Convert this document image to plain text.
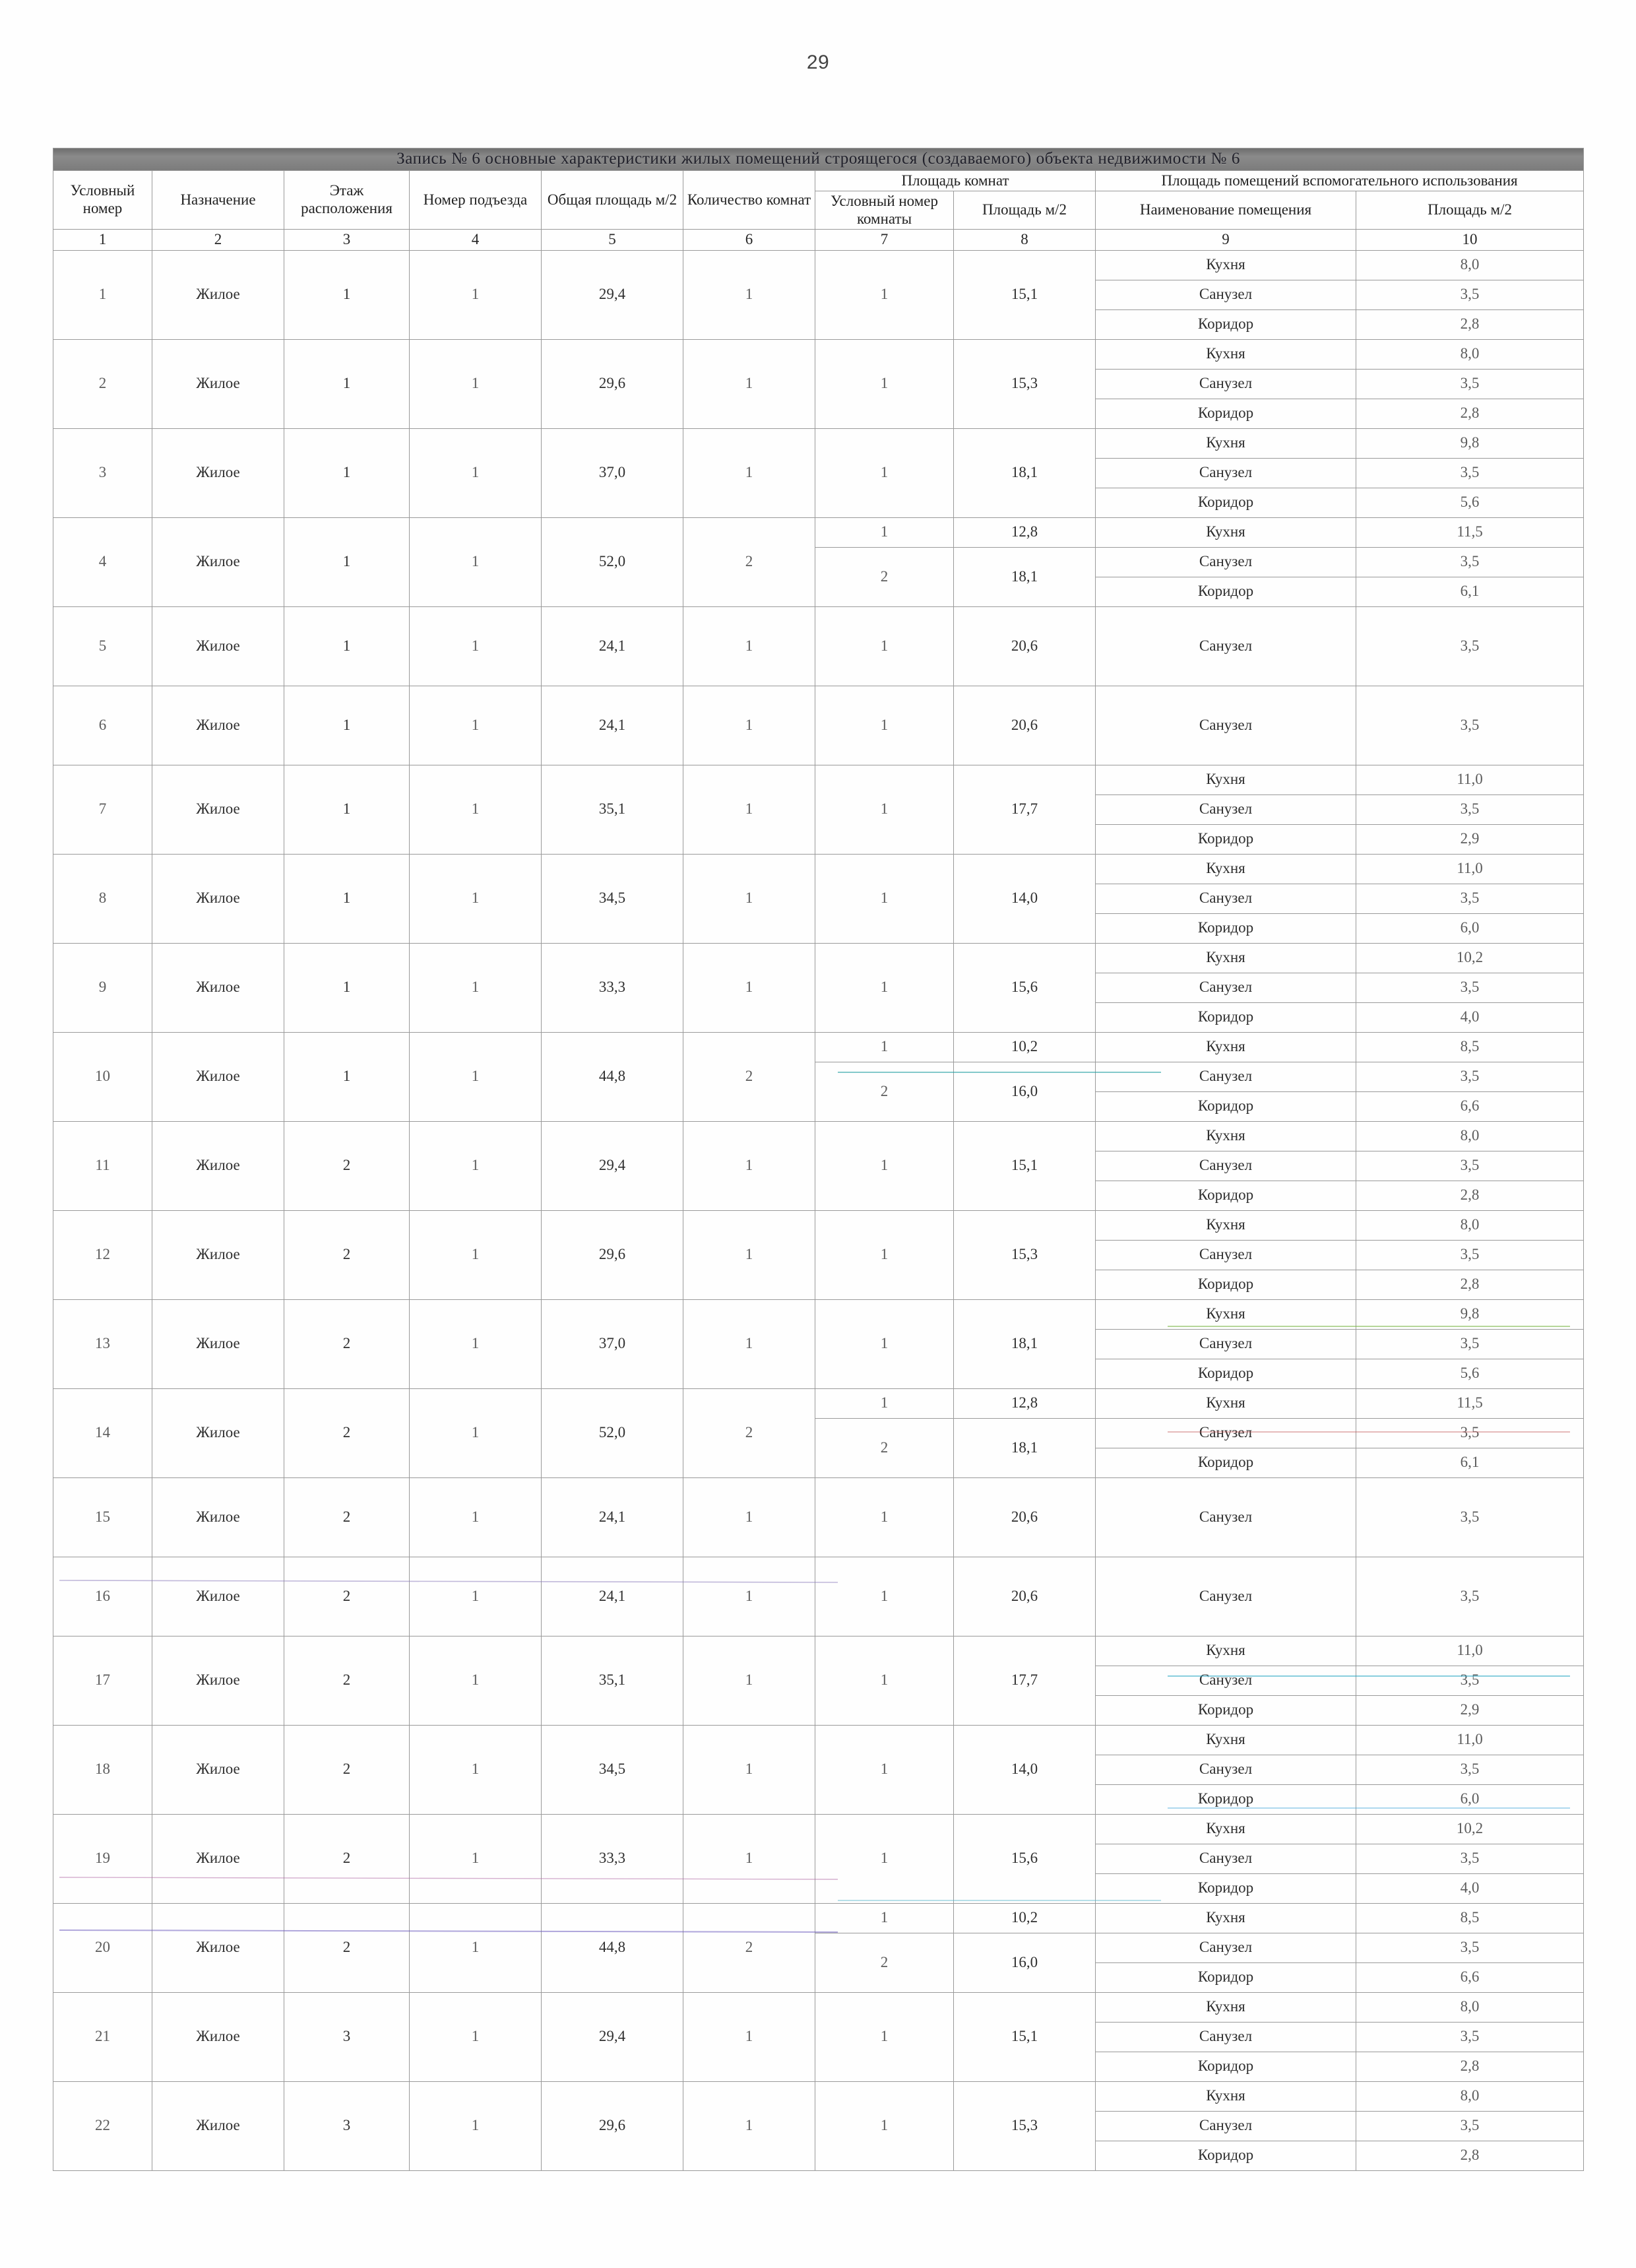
29
Запись № 6 основные характеристики жилых помещений строящегося (создаваемого) объекта недвижимости № 6									
Условный номер	Назначение	Этаж расположения	Номер подъезда	Общая площадь м/2	Количество комнат	Площадь комнат		Площадь помещений вспомогательного использования	
						Условный номер комнаты	Площадь м/2	Наименование помещения	Площадь м/2
1	2	3	4	5	6	7	8	9	10
1	Жилое	1	1	29,4	1	1	15,1	Кухня	8,0
								Санузел	3,5
								Коридор	2,8
2	Жилое	1	1	29,6	1	1	15,3	Кухня	8,0
								Санузел	3,5
								Коридор	2,8
3	Жилое	1	1	37,0	1	1	18,1	Кухня	9,8
								Санузел	3,5
								Коридор	5,6
4	Жилое	1	1	52,0	2	1	12,8	Кухня	11,5
						2	18,1	Санузел	3,5
								Коридор	6,1
5	Жилое	1	1	24,1	1	1	20,6	Санузел	3,5
6	Жилое	1	1	24,1	1	1	20,6	Санузел	3,5
7	Жилое	1	1	35,1	1	1	17,7	Кухня	11,0
								Санузел	3,5
								Коридор	2,9
8	Жилое	1	1	34,5	1	1	14,0	Кухня	11,0
								Санузел	3,5
								Коридор	6,0
9	Жилое	1	1	33,3	1	1	15,6	Кухня	10,2
								Санузел	3,5
								Коридор	4,0
10	Жилое	1	1	44,8	2	1	10,2	Кухня	8,5
						2	16,0	Санузел	3,5
								Коридор	6,6
11	Жилое	2	1	29,4	1	1	15,1	Кухня	8,0
								Санузел	3,5
								Коридор	2,8
12	Жилое	2	1	29,6	1	1	15,3	Кухня	8,0
								Санузел	3,5
								Коридор	2,8
13	Жилое	2	1	37,0	1	1	18,1	Кухня	9,8
								Санузел	3,5
								Коридор	5,6
14	Жилое	2	1	52,0	2	1	12,8	Кухня	11,5
						2	18,1	Санузел	3,5
								Коридор	6,1
15	Жилое	2	1	24,1	1	1	20,6	Санузел	3,5
16	Жилое	2	1	24,1	1	1	20,6	Санузел	3,5
17	Жилое	2	1	35,1	1	1	17,7	Кухня	11,0
								Санузел	3,5
								Коридор	2,9
18	Жилое	2	1	34,5	1	1	14,0	Кухня	11,0
								Санузел	3,5
								Коридор	6,0
19	Жилое	2	1	33,3	1	1	15,6	Кухня	10,2
								Санузел	3,5
								Коридор	4,0
20	Жилое	2	1	44,8	2	1	10,2	Кухня	8,5
						2	16,0	Санузел	3,5
								Коридор	6,6
21	Жилое	3	1	29,4	1	1	15,1	Кухня	8,0
								Санузел	3,5
								Коридор	2,8
22	Жилое	3	1	29,6	1	1	15,3	Кухня	8,0
								Санузел	3,5
								Коридор	2,8
